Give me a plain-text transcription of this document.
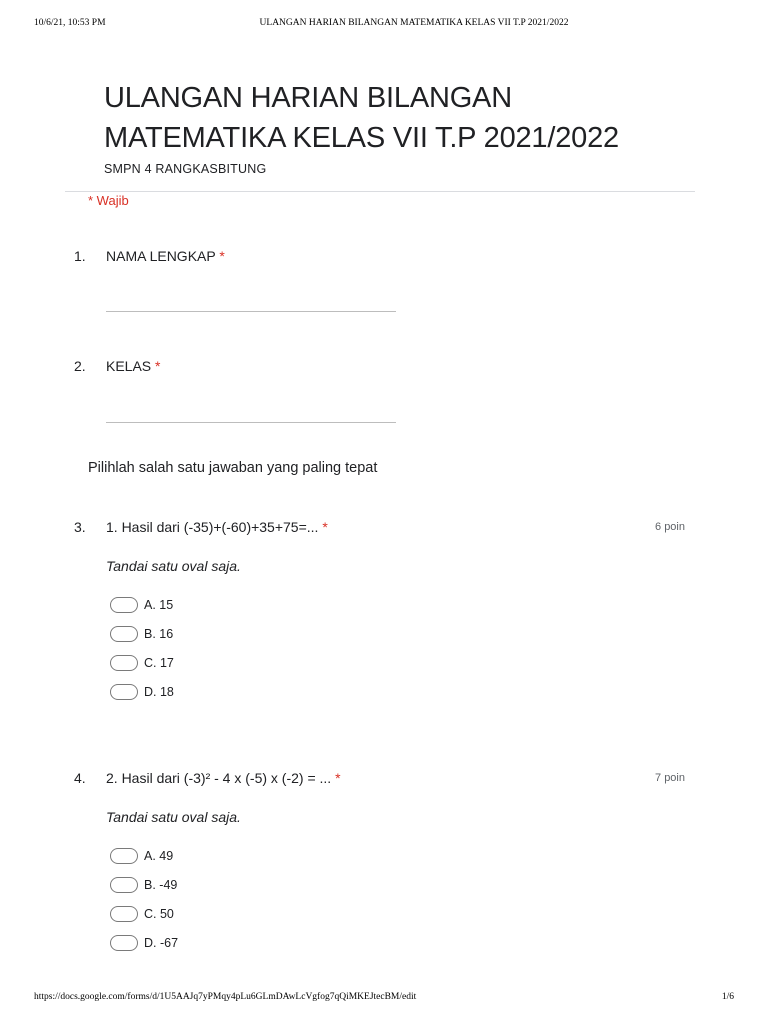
10/6/21, 10:53 PM	ULANGAN HARIAN BILANGAN MATEMATIKA KELAS VII T.P 2021/2022
ULANGAN HARIAN BILANGAN
MATEMATIKA KELAS VII T.P 2021/2022
SMPN 4 RANGKASBITUNG
* Wajib
1. NAMA LENGKAP *
2. KELAS *
Pilihlah salah satu jawaban yang paling tepat
3. 1. Hasil dari (-35)+(-60)+35+75=... *	6 poin
Tandai satu oval saja.
A. 15
B. 16
C. 17
D. 18
4. 2. Hasil dari (-3)² - 4 x (-5) x (-2) = ... *	7 poin
Tandai satu oval saja.
A. 49
B. -49
C. 50
D. -67
https://docs.google.com/forms/d/1U5AAJq7yPMqy4pLu6GLmDAwLcVgfog7qQiMKEJtecBM/edit	1/6
